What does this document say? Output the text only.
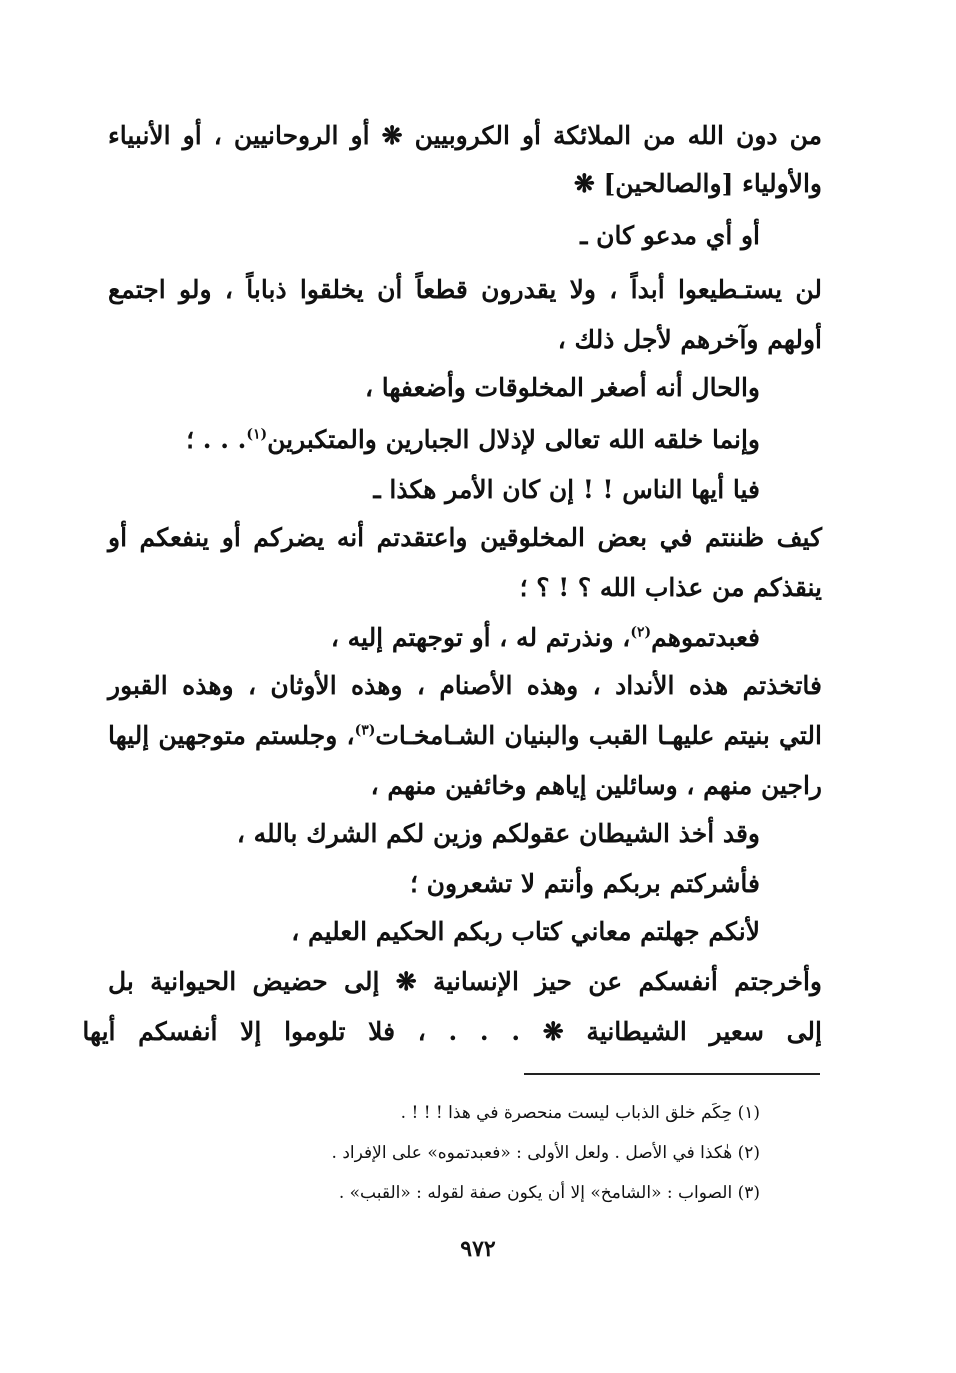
من دون الله من الملائكة أو الكروبيين ❋ أو الروحانيين ، أو الأنبياء
والأولياء [والصالحين] ❋
أو أي مدعو كان ـ
لن يستـطيعوا أبداً ، ولا يقدرون قطعاً أن يخلقوا ذباباً ، ولو اجتمع
أولهم وآخرهم لأجل ذلك ،
والحال أنه أصغر المخلوقات وأضعفها ،
وإنما خلقه الله تعالى لإذلال الجبارين والمتكبرين$^{(١)}$. . . ؛
فيا أيها الناس ! ! إن كان الأمر هكذا ـ
كيف ظننتم في بعض المخلوقين واعتقدتم أنه يضركم أو ينفعكم أو
ينقذكم من عذاب الله ؟ ! ؟ ؛
فعبدتموهم$^{(٢)}$، ونذرتم له ، أو توجهتم إليه ،
فاتخذتم هذه الأنداد ، وهذه الأصنام ، وهذه الأوثان ، وهذه القبور
التي بنيتم عليهـا القبب والبنيان الشـامخـات$^{(٣)}$، وجلستم متوجهين إليها
راجين منهم ، وسائلين إياهم وخائفين منهم ،
وقد أخذ الشيطان عقولكم وزين لكم الشرك بالله ،
فأشركتم بربكم وأنتم لا تشعرون ؛
لأنكم جهلتم معاني كتاب ربكم الحكيم العليم ،
وأخرجتم أنفسكم عن حيز الإنسانية ❋ إلى حضيض الحيوانية بل
إلى سعير الشيطانية ❋ . . . ، فلا تلوموا إلا أنفسكم أيها
(١) حِكَم خلق الذباب ليست منحصرة في هذا ! ! ! .
(٢) هٰكذا في الأصل . ولعل الأولى : «فعبدتموه» على الإفراد .
(٣) الصواب : «الشامخ» إلا أن يكون صفة لقوله : «القبب» .
٩٧٢
